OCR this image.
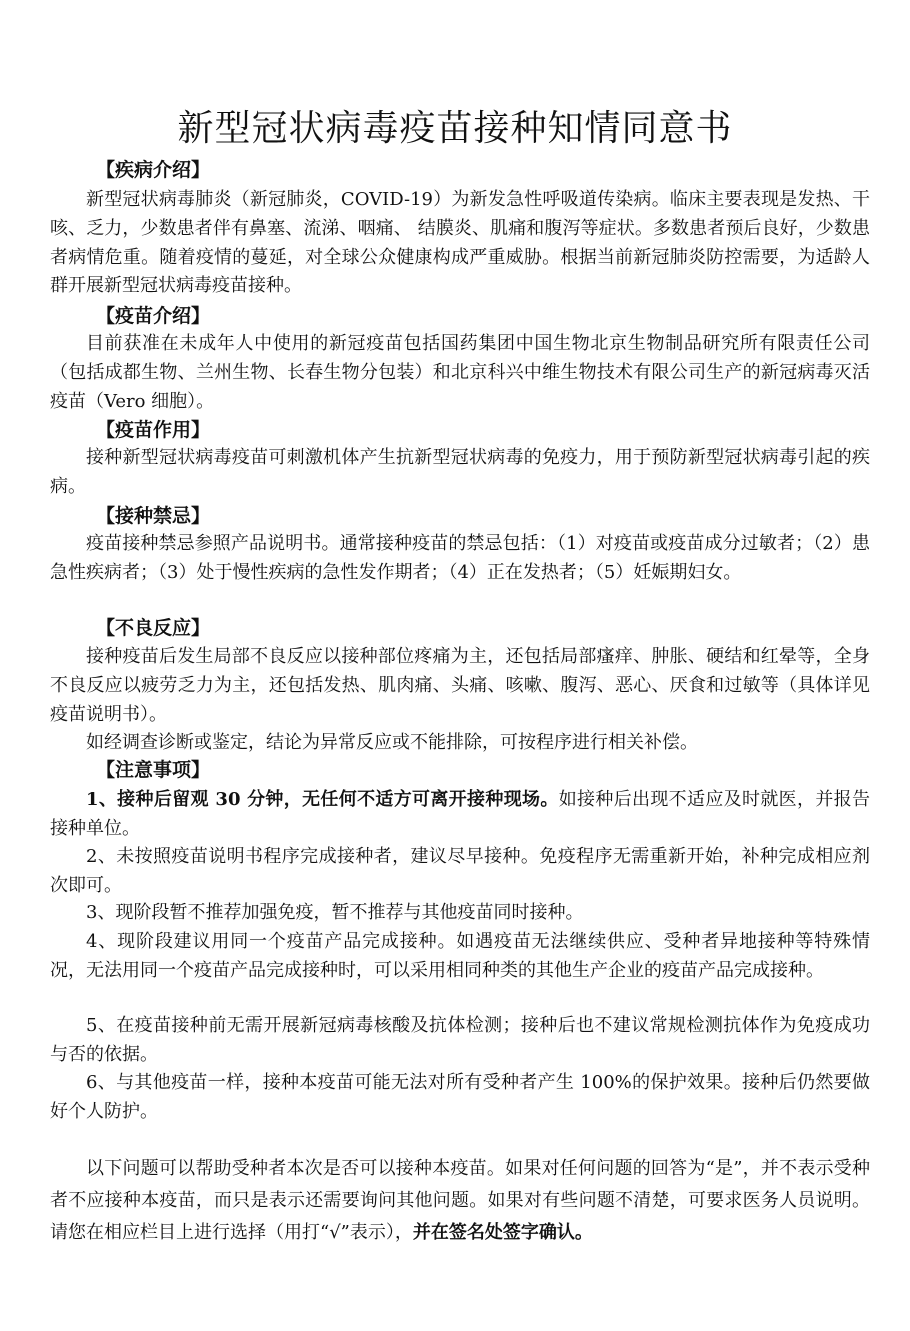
新型冠状病毒疫苗接种知情同意书
【疾病介绍】

新型冠状病毒肺炎（新冠肺炎，COVID-19）为新发急性呼吸道传染病。临床主要表现是发热、干咳、乏力，少数患者伴有鼻塞、流涕、咽痛、 结膜炎、肌痛和腹泻等症状。多数患者预后良好，少数患者病情危重。随着疫情的蔓延，对全球公众健康构成严重威胁。根据当前新冠肺炎防控需要，为适龄人群开展新型冠状病毒疫苗接种。

【疫苗介绍】

目前获准在未成年人中使用的新冠疫苗包括国药集团中国生物北京生物制品研究所有限责任公司（包括成都生物、兰州生物、长春生物分包装）和北京科兴中维生物技术有限公司生产的新冠病毒灭活疫苗（Vero 细胞）。

【疫苗作用】

接种新型冠状病毒疫苗可刺激机体产生抗新型冠状病毒的免疫力，用于预防新型冠状病毒引起的疾病。

【接种禁忌】

疫苗接种禁忌参照产品说明书。通常接种疫苗的禁忌包括：（1）对疫苗或疫苗成分过敏者；（2）患急性疾病者；（3）处于慢性疾病的急性发作期者；（4）正在发热者；（5）妊娠期妇女。

【不良反应】

接种疫苗后发生局部不良反应以接种部位疼痛为主，还包括局部瘙痒、肿胀、硬结和红晕等，全身不良反应以疲劳乏力为主，还包括发热、肌肉痛、头痛、咳嗽、腹泻、恶心、厌食和过敏等（具体详见疫苗说明书）。

如经调查诊断或鉴定，结论为异常反应或不能排除，可按程序进行相关补偿。

【注意事项】

1、接种后留观 30 分钟，无任何不适方可离开接种现场。如接种后出现不适应及时就医，并报告接种单位。

2、未按照疫苗说明书程序完成接种者，建议尽早接种。免疫程序无需重新开始，补种完成相应剂次即可。

3、现阶段暂不推荐加强免疫，暂不推荐与其他疫苗同时接种。

4、现阶段建议用同一个疫苗产品完成接种。如遇疫苗无法继续供应、受种者异地接种等特殊情况，无法用同一个疫苗产品完成接种时，可以采用相同种类的其他生产企业的疫苗产品完成接种。

5、在疫苗接种前无需开展新冠病毒核酸及抗体检测；接种后也不建议常规检测抗体作为免疫成功与否的依据。

6、与其他疫苗一样，接种本疫苗可能无法对所有受种者产生 100%的保护效果。接种后仍然要做好个人防护。

以下问题可以帮助受种者本次是否可以接种本疫苗。如果对任何问题的回答为“是”，并不表示受种者不应接种本疫苗，而只是表示还需要询问其他问题。如果对有些问题不清楚，可要求医务人员说明。请您在相应栏目上进行选择（用打“√”表示），并在签名处签字确认。
